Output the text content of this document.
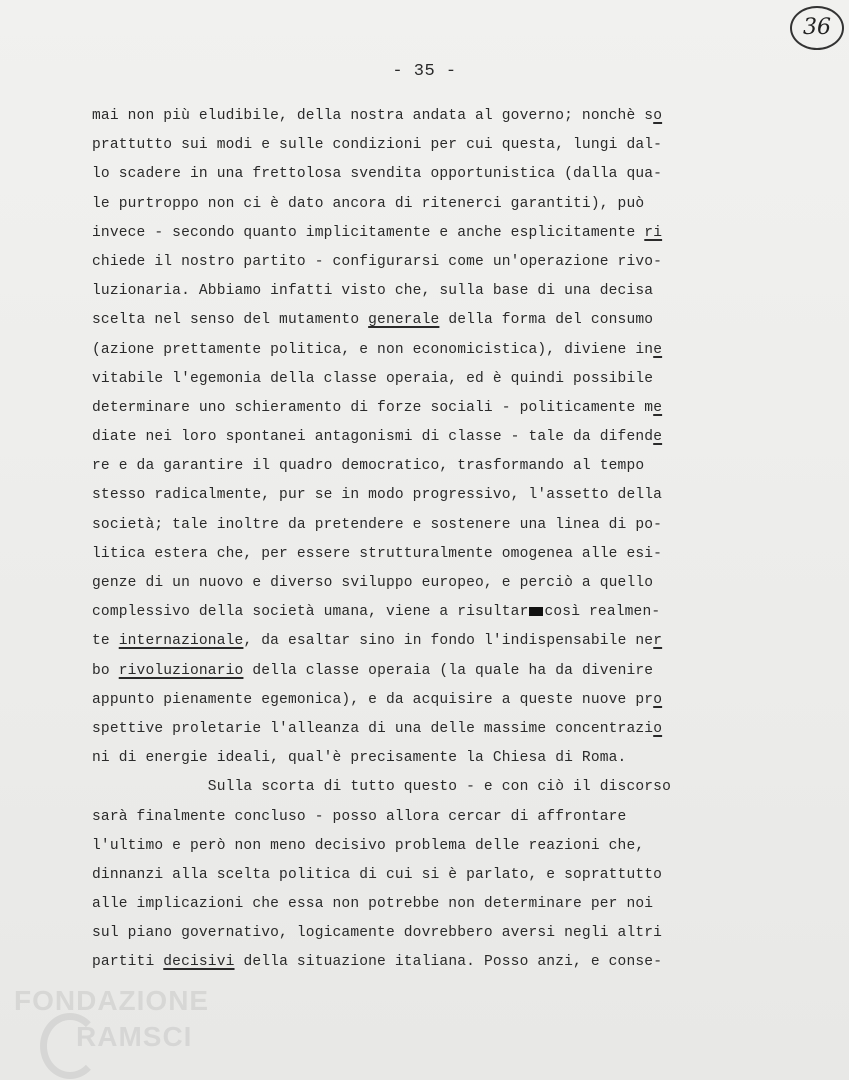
36
- 35 -
mai non più eludibile, della nostra andata al governo; nonchè so
prattutto sui modi e sulle condizioni per cui questa, lungi dal-
lo scadere in una frettolosa svendita opportunistica (dalla qua-
le purtroppo non ci è dato ancora di ritenerci garantiti), può
invece - secondo quanto implicitamente e anche esplicitamente ri
chiede il nostro partito - configurarsi come un'operazione rivo-
luzionaria. Abbiamo infatti visto che, sulla base di una decisa
scelta nel senso del mutamento generale della forma del consumo
(azione prettamente politica, e non economicistica), diviene ine
vitabile l'egemonia della classe operaia, ed è quindi possibile
determinare uno schieramento di forze sociali - politicamente me
diate nei loro spontanei antagonismi di classe - tale da difende
re e da garantire il quadro democratico, trasformando al tempo
stesso radicalmente, pur se in modo progressivo, l'assetto della
società; tale inoltre da pretendere e sostenere una linea di po-
litica estera che, per essere strutturalmente omogenea alle esi-
genze di un nuovo e diverso sviluppo europeo, e perciò a quello
complessivo della società umana, viene a risultar così realmen-
te internazionale, da esaltar sino in fondo l'indispensabile ner
bo rivoluzionario della classe operaia (la quale ha da divenire
appunto pienamente egemonica), e da acquisire a queste nuove pro
spettive proletarie l'alleanza di una delle massime concentrazio
ni di energie ideali, qual'è precisamente la Chiesa di Roma.
Sulla scorta di tutto questo - e con ciò il discorso
sarà finalmente concluso - posso allora cercar di affrontare
l'ultimo e però non meno decisivo problema delle reazioni che,
dinnanzi alla scelta politica di cui si è parlato, e soprattutto
alle implicazioni che essa non potrebbe non determinare per noi
sul piano governativo, logicamente dovrebbero aversi negli altri
partiti decisivi della situazione italiana. Posso anzi, e conse-
FONDAZIONE
RAMSCI
